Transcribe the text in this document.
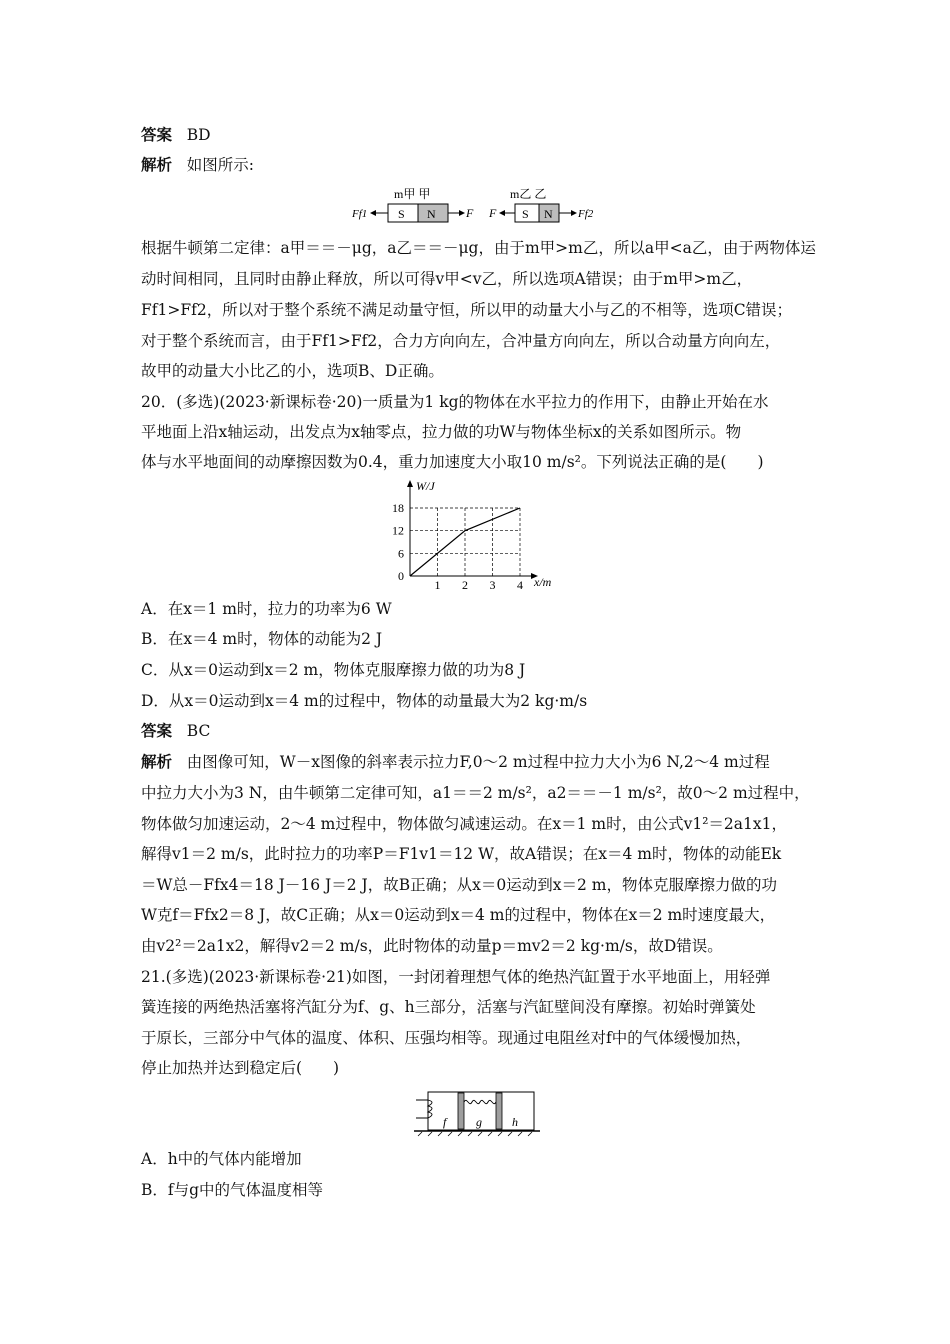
答案 BD
解析 如图所示:
m甲 甲	m乙 乙
S N
Ff1	F F S N Ff2
根据牛顿第二定律：a甲＝＝－μg，a乙＝＝－μg，由于m甲>m乙，所以a甲<a乙，由于两物体运
动时间相同，且同时由静止释放，所以可得v甲<v乙，所以选项A错误；由于m甲>m乙，
Ff1>Ff2，所以对于整个系统不满足动量守恒，所以甲的动量大小与乙的不相等，选项C错误；
对于整个系统而言，由于Ff1>Ff2，合力方向向左，合冲量方向向左，所以合动量方向向左，
故甲的动量大小比乙的小，选项B、D正确。
20．(多选)(2023·新课标卷·20)一质量为1 kg的物体在水平拉力的作用下，由静止开始在水
平地面上沿x轴运动，出发点为x轴零点，拉力做的功W与物体坐标x的关系如图所示。物
体与水平地面间的动摩擦因数为0.4，重力加速度大小取10 m/s²。下列说法正确的是(　　)
W/J
x/m
0
6
12
18
1 2 3 4
A．在x＝1 m时，拉力的功率为6 W
B．在x＝4 m时，物体的动能为2 J
C．从x＝0运动到x＝2 m，物体克服摩擦力做的功为8 J
D．从x＝0运动到x＝4 m的过程中，物体的动量最大为2 kg·m/s
答案 BC
解析 由图像可知，W－x图像的斜率表示拉力F,0～2 m过程中拉力大小为6 N,2～4 m过程
中拉力大小为3 N，由牛顿第二定律可知，a1＝＝2 m/s²，a2＝＝－1 m/s²，故0～2 m过程中，
物体做匀加速运动，2～4 m过程中，物体做匀减速运动。在x＝1 m时，由公式v1²＝2a1x1，
解得v1＝2 m/s，此时拉力的功率P＝F1v1＝12 W，故A错误；在x＝4 m时，物体的动能Ek
＝W总－Ffx4＝18 J－16 J＝2 J，故B正确；从x＝0运动到x＝2 m，物体克服摩擦力做的功
W克f＝Ffx2＝8 J，故C正确；从x＝0运动到x＝4 m的过程中，物体在x＝2 m时速度最大，
由v2²＝2a1x2，解得v2＝2 m/s，此时物体的动量p＝mv2＝2 kg·m/s，故D错误。
21.(多选)(2023·新课标卷·21)如图，一封闭着理想气体的绝热汽缸置于水平地面上，用轻弹
簧连接的两绝热活塞将汽缸分为f、g、h三部分，活塞与汽缸壁间没有摩擦。初始时弹簧处
于原长，三部分中气体的温度、体积、压强均相等。现通过电阻丝对f中的气体缓慢加热，
停止加热并达到稳定后(　　)
f g	h
A．h中的气体内能增加
B．f与g中的气体温度相等
